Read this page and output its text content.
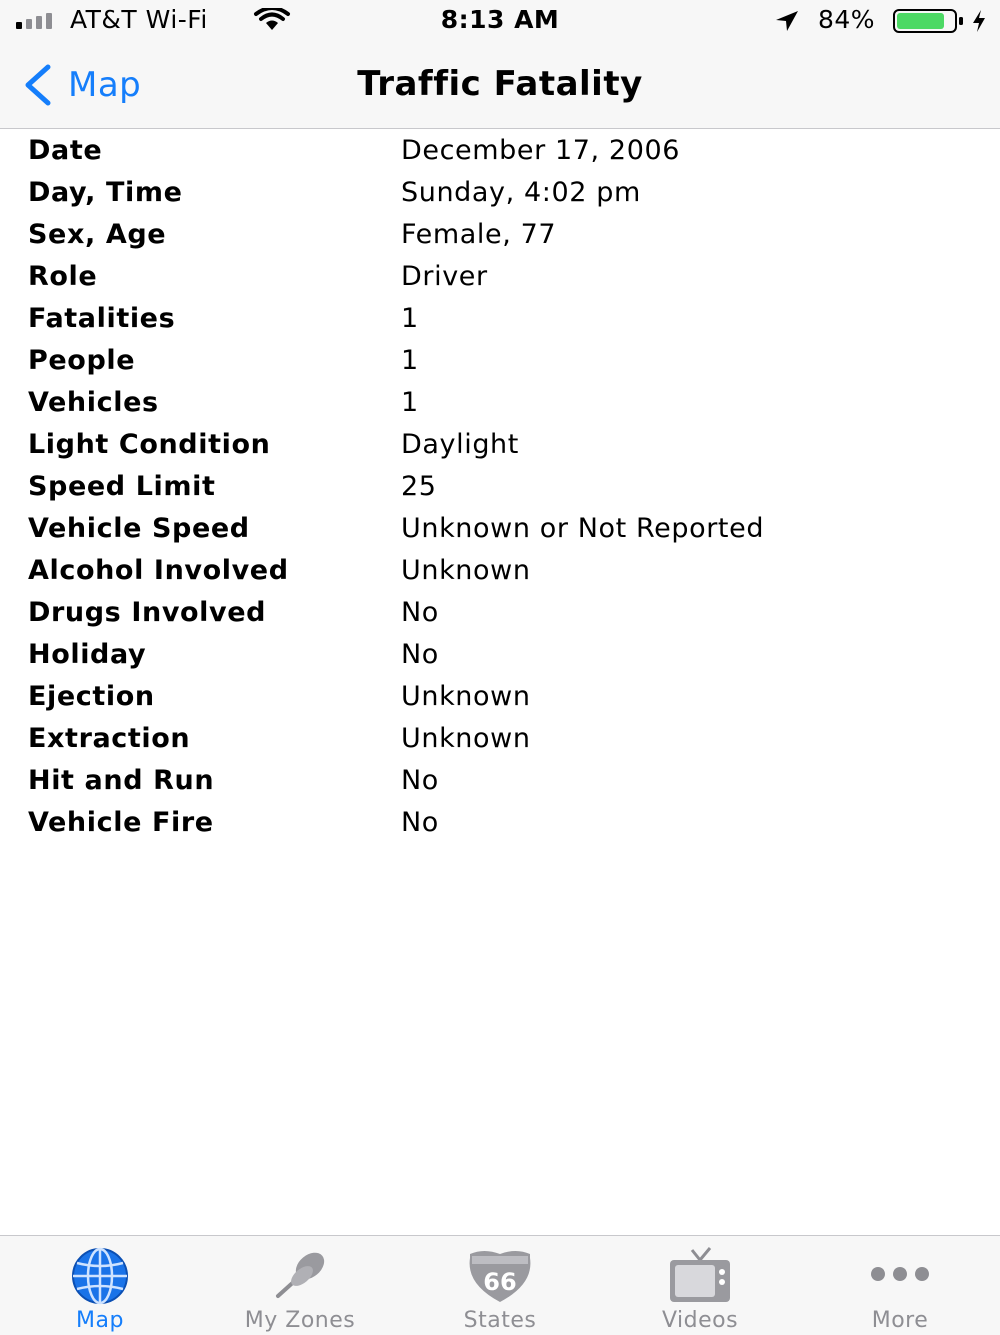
AT&T Wi-Fi	8:13 AM	84%
Map	Traffic Fatality
Date	December 17, 2006
Day, Time	Sunday, 4:02 pm
Sex, Age	Female, 77
Role	Driver
Fatalities	1
People	1
Vehicles	1
Light Condition	Daylight
Speed Limit	25
Vehicle Speed	Unknown or Not Reported
Alcohol Involved	Unknown
Drugs Involved	No
Holiday	No
Ejection	Unknown
Extraction	Unknown
Hit and Run	No
Vehicle Fire	No
Map	My Zones
66
States	Videos	More
